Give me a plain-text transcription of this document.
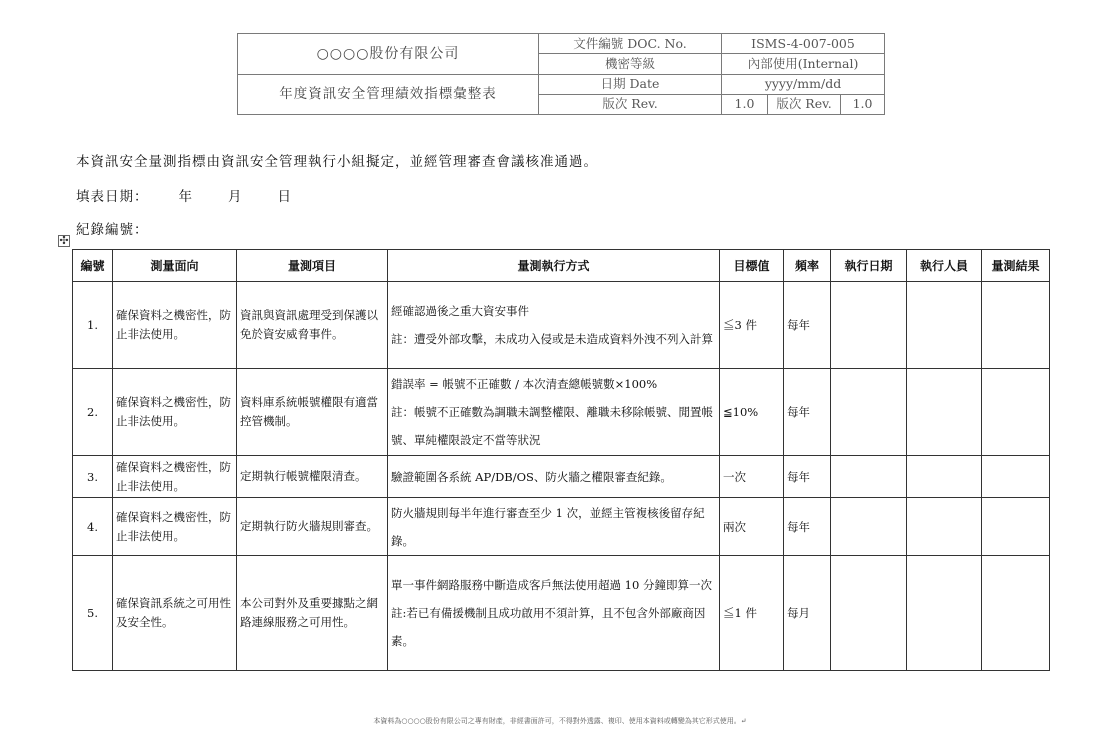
○○○○股份有限公司	文件編號 DOC. No.	ISMS-4-007-005		
	機密等級	內部使用(Internal)		
年度資訊安全管理績效指標彙整表	日期 Date	yyyy/mm/dd		
	版次 Rev.	1.0	版次 Rev.	1.0
本資訊安全量測指標由資訊安全管理執行小組擬定，並經管理審查會議核准通過。
填表日期： 年	月	日
紀錄編號：
✣
編號	測量面向	量測項目	量測執行方式	目標值	頻率	執行日期	執行人員	量測結果
1.	確保資料之機密性，防止非法使用。	資訊與資訊處理受到保護以免於資安威脅事件。	經確認過後之重大資安事件
註：遭受外部攻擊，未成功入侵或是未造成資料外洩不列入計算	≦3 件	每年			
2.	確保資料之機密性，防止非法使用。	資料庫系統帳號權限有適當控管機制。	錯誤率 = 帳號不正確數 / 本次清查總帳號數×100%
註：帳號不正確數為調職未調整權限、離職未移除帳號、閒置帳號、單純權限設定不當等狀況	≦10%	每年			
3.	確保資料之機密性，防止非法使用。	定期執行帳號權限清查。	驗證範圍各系統 AP/DB/OS、防火牆之權限審查紀錄。	一次	每年			
4.	確保資料之機密性，防止非法使用。	定期執行防火牆規則審查。	防火牆規則每半年進行審查至少 1 次，並經主管複核後留存紀錄。	兩次	每年			
5.	確保資訊系統之可用性及安全性。	本公司對外及重要據點之網路連線服務之可用性。	單一事件網路服務中斷造成客戶無法使用超過 10 分鐘即算一次
註:若已有備援機制且成功啟用不須計算，且不包含外部廠商因素。	≦1 件	每月			
本資料為○○○○股份有限公司之專有財產，非經書面許可，不得對外透露、複印、使用本資料或轉變為其它形式使用。↵
